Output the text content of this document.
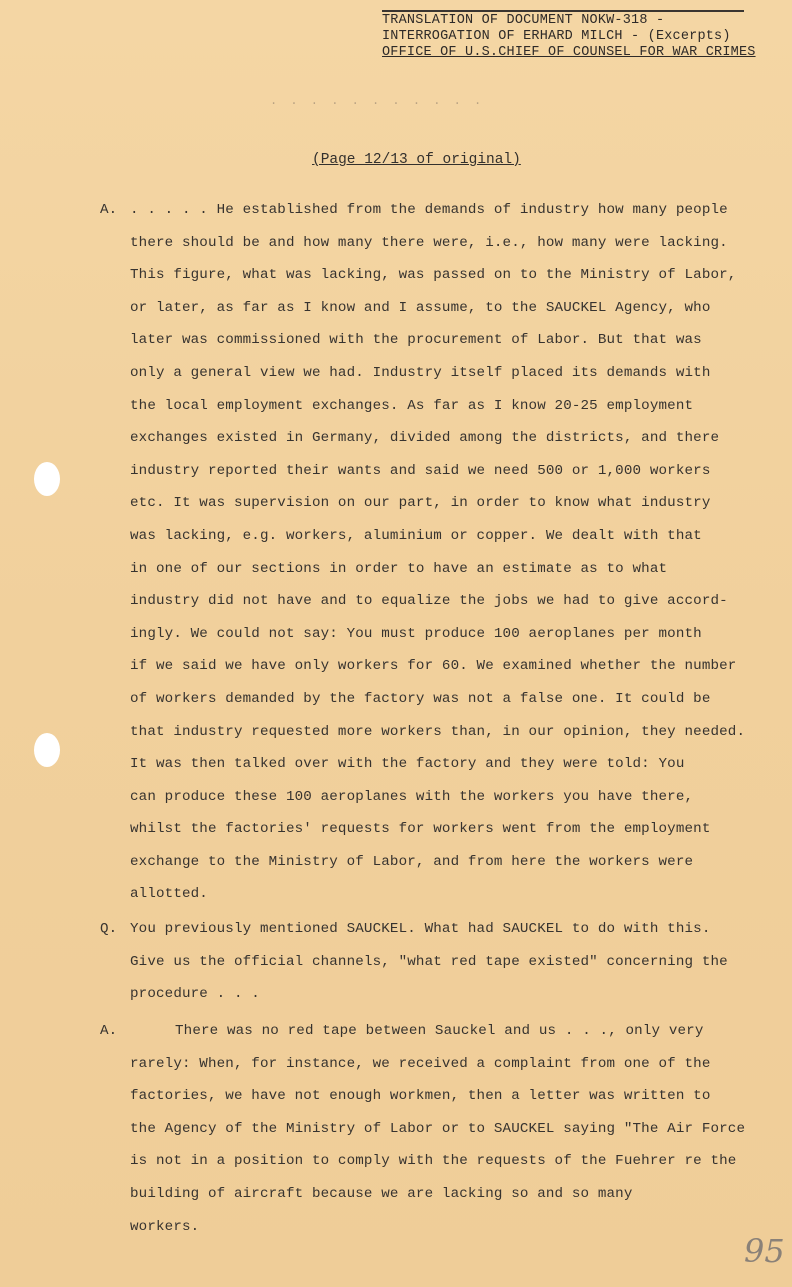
TRANSLATION OF DOCUMENT NOKW-318 -
INTERROGATION OF ERHARD MILCH - (Excerpts)
OFFICE OF U.S.CHIEF OF COUNSEL FOR WAR CRIMES
. . . . . . . . . . .
(Page 12/13 of original)
A. . . . . . He established from the demands of industry how many people
there should be and how many there were, i.e., how many were lacking.
This figure, what was lacking, was passed on to the Ministry of Labor,
or later, as far as I know and I assume, to the SAUCKEL Agency, who
later was commissioned with the procurement of Labor. But that was
only a general view we had. Industry itself placed its demands with
the local employment exchanges. As far as I know 20-25 employment
exchanges existed in Germany, divided among the districts, and there
industry reported their wants and said we need 500 or 1,000 workers
etc. It was supervision on our part, in order to know what industry
was lacking, e.g. workers, aluminium or copper. We dealt with that
in one of our sections in order to have an estimate as to what
industry did not have and to equalize the jobs we had to give accord-
ingly. We could not say: You must produce 100 aeroplanes per month
if we said we have only workers for 60. We examined whether the number
of workers demanded by the factory was not a false one. It could be
that industry requested more workers than, in our opinion, they needed.
It was then talked over with the factory and they were told: You
can produce these 100 aeroplanes with the workers you have there,
whilst the factories' requests for workers went from the employment
exchange to the Ministry of Labor, and from here the workers were
allotted.
Q. You previously mentioned SAUCKEL. What had SAUCKEL to do with this.
Give us the official channels, "what red tape existed" concerning the
procedure . . .
A.	There was no red tape between Sauckel and us . . ., only very
rarely: When, for instance, we received a complaint from one of the
factories, we have not enough workmen, then a letter was written to
the Agency of the Ministry of Labor or to SAUCKEL saying "The Air Force
is not in a position to comply with the requests of the Fuehrer re the
building of aircraft because we are lacking so and so many
workers.
95
